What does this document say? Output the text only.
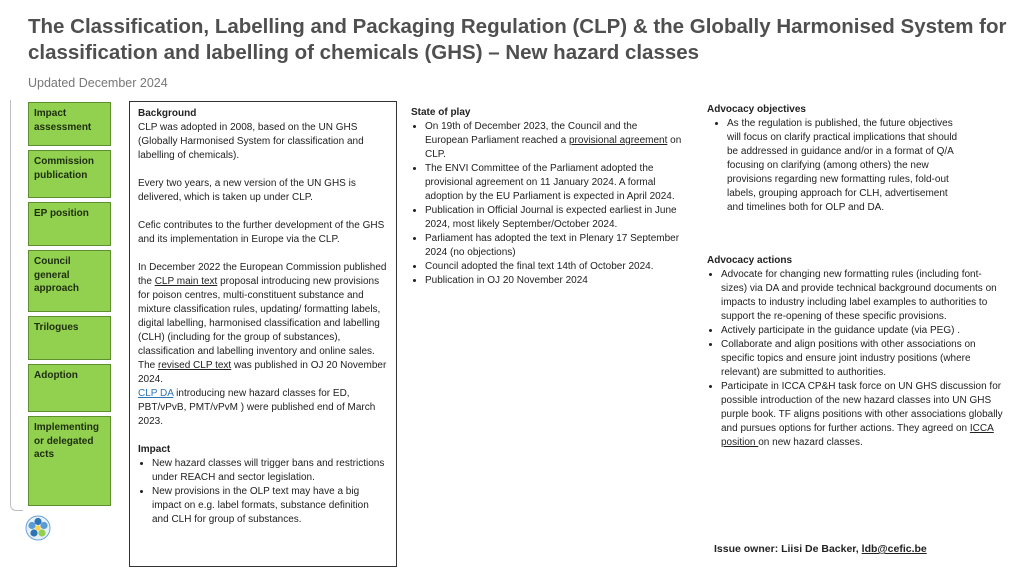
The Classification, Labelling and Packaging Regulation (CLP) & the Globally Harmonised System for classification and labelling of chemicals (GHS) – New hazard classes
Updated December 2024
Impact assessment
Commission publication
EP position
Council general approach
Trilogues
Adoption
Implementing or delegated acts
Background

CLP was adopted in 2008, based on the UN GHS (Globally Harmonised System for classification and labelling of chemicals).

Every two years, a new version of the UN GHS is delivered, which is taken up under CLP.

Cefic contributes to the further development of the GHS and its implementation in Europe via the CLP.

In December 2022 the European Commission published the CLP main text proposal introducing new provisions for poison centres, multi-constituent substance and mixture classification rules, updating/ formatting labels, digital labelling, harmonised classification and labelling (CLH) (including for the group of substances), classification and labelling inventory and online sales. The revised CLP text was published in OJ 20 November 2024.

CLP DA introducing new hazard classes for ED, PBT/vPvB, PMT/vPvM ) were published end of March 2023.

Impact
• New hazard classes will trigger bans and restrictions under REACH and sector legislation.
• New provisions in the OLP text may have a big impact on e.g. label formats, substance definition and CLH for group of substances.
State of play
• On 19th of December 2023, the Council and the European Parliament reached a provisional agreement on CLP.
• The ENVI Committee of the Parliament adopted the provisional agreement on 11 January 2024. A formal adoption by the EU Parliament is expected in April 2024.
• Publication in Official Journal is expected earliest in June 2024, most likely September/October 2024.
• Parliament has adopted the text in Plenary 17 September 2024 (no objections)
• Council adopted the final text 14th of October 2024.
• Publication in OJ 20 November 2024
Advocacy objectives
• As the regulation is published, the future objectives will focus on clarify practical implications that should be addressed in guidance and/or in a format of Q/A focusing on clarifying (among others) the new provisions regarding new formatting rules, fold-out labels, grouping approach for CLH, advertisement and timelines both for OLP and DA.
Advocacy actions
• Advocate for changing new formatting rules (including font-sizes) via DA and provide technical background documents on impacts to industry including label examples to authorities to support the re-opening of these specific provisions.
• Actively participate in the guidance update (via PEG) .
• Collaborate and align positions with other associations on specific topics and ensure joint industry positions (where relevant) are submitted to authorities.
• Participate in ICCA CP&H task force on UN GHS discussion for possible introduction of the new hazard classes into UN GHS purple book. TF aligns positions with other associations globally and pursues options for further actions. They agreed on ICCA position on new hazard classes.
Issue owner: Liisi De Backer, ldb@cefic.be
